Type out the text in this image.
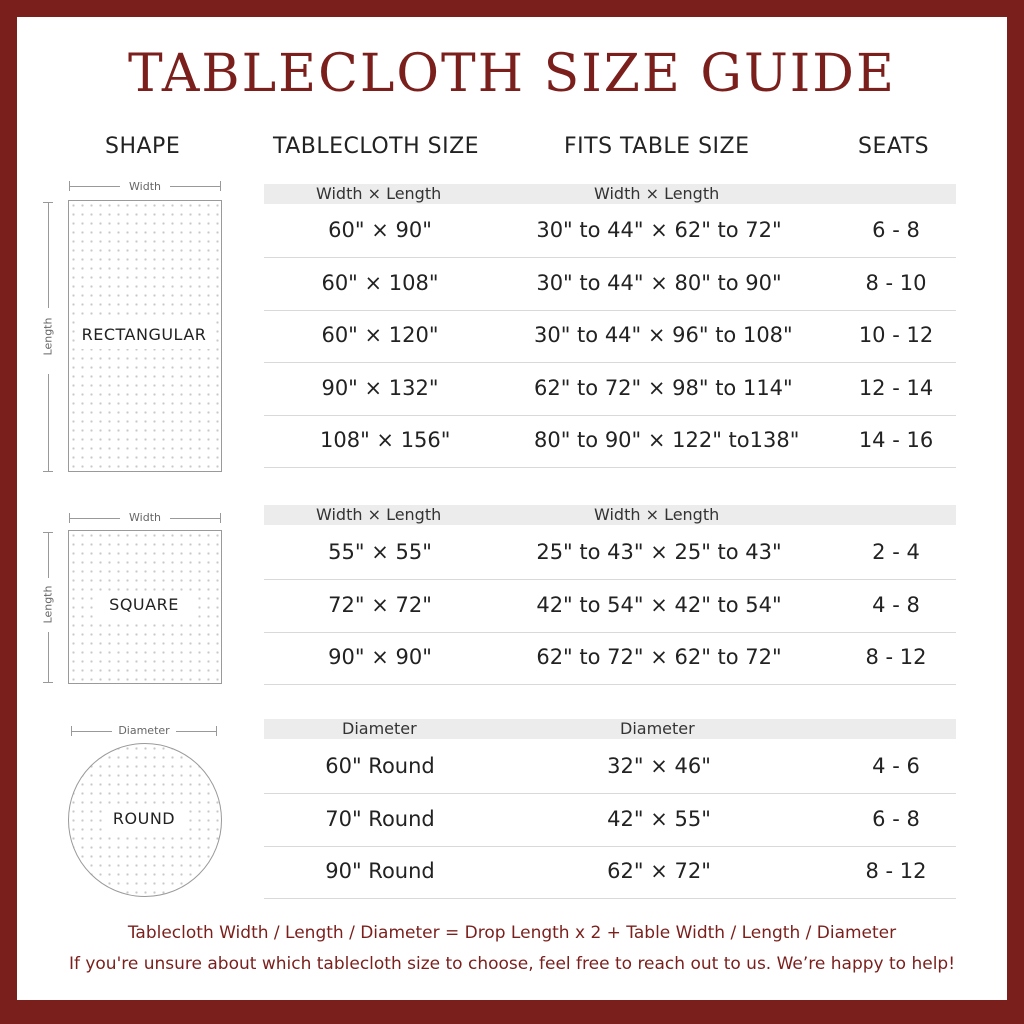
TABLECLOTH SIZE GUIDE
SHAPE	TABLECLOTH SIZE	FITS TABLE SIZE	SEATS
Width
Length RECTANGULAR
Width
Length	SQUARE
Diameter
ROUND
Width × Length	Width × Length
60" × 90"	30" to 44" × 62" to 72"	6 - 8
60" × 108"	30" to 44" × 80" to 90"	8 - 10
60" × 120"	30" to 44" × 96" to 108"	10 - 12
90" × 132"	62" to 72" × 98" to 114"	12 - 14
108" × 156"	80" to 90" × 122" to138"	14 - 16
Width × Length	Width × Length
55" × 55"	25" to 43" × 25" to 43"	2 - 4
72" × 72"	42" to 54" × 42" to 54"	4 - 8
90" × 90"	62" to 72" × 62" to 72"	8 - 12
Diameter	Diameter
60" Round	32" × 46"	4 - 6
70" Round	42" × 55"	6 - 8
90" Round	62" × 72"	8 - 12
Tablecloth Width / Length / Diameter = Drop Length x 2 + Table Width / Length / Diameter
If you're unsure about which tablecloth size to choose, feel free to reach out to us. We’re happy to help!
